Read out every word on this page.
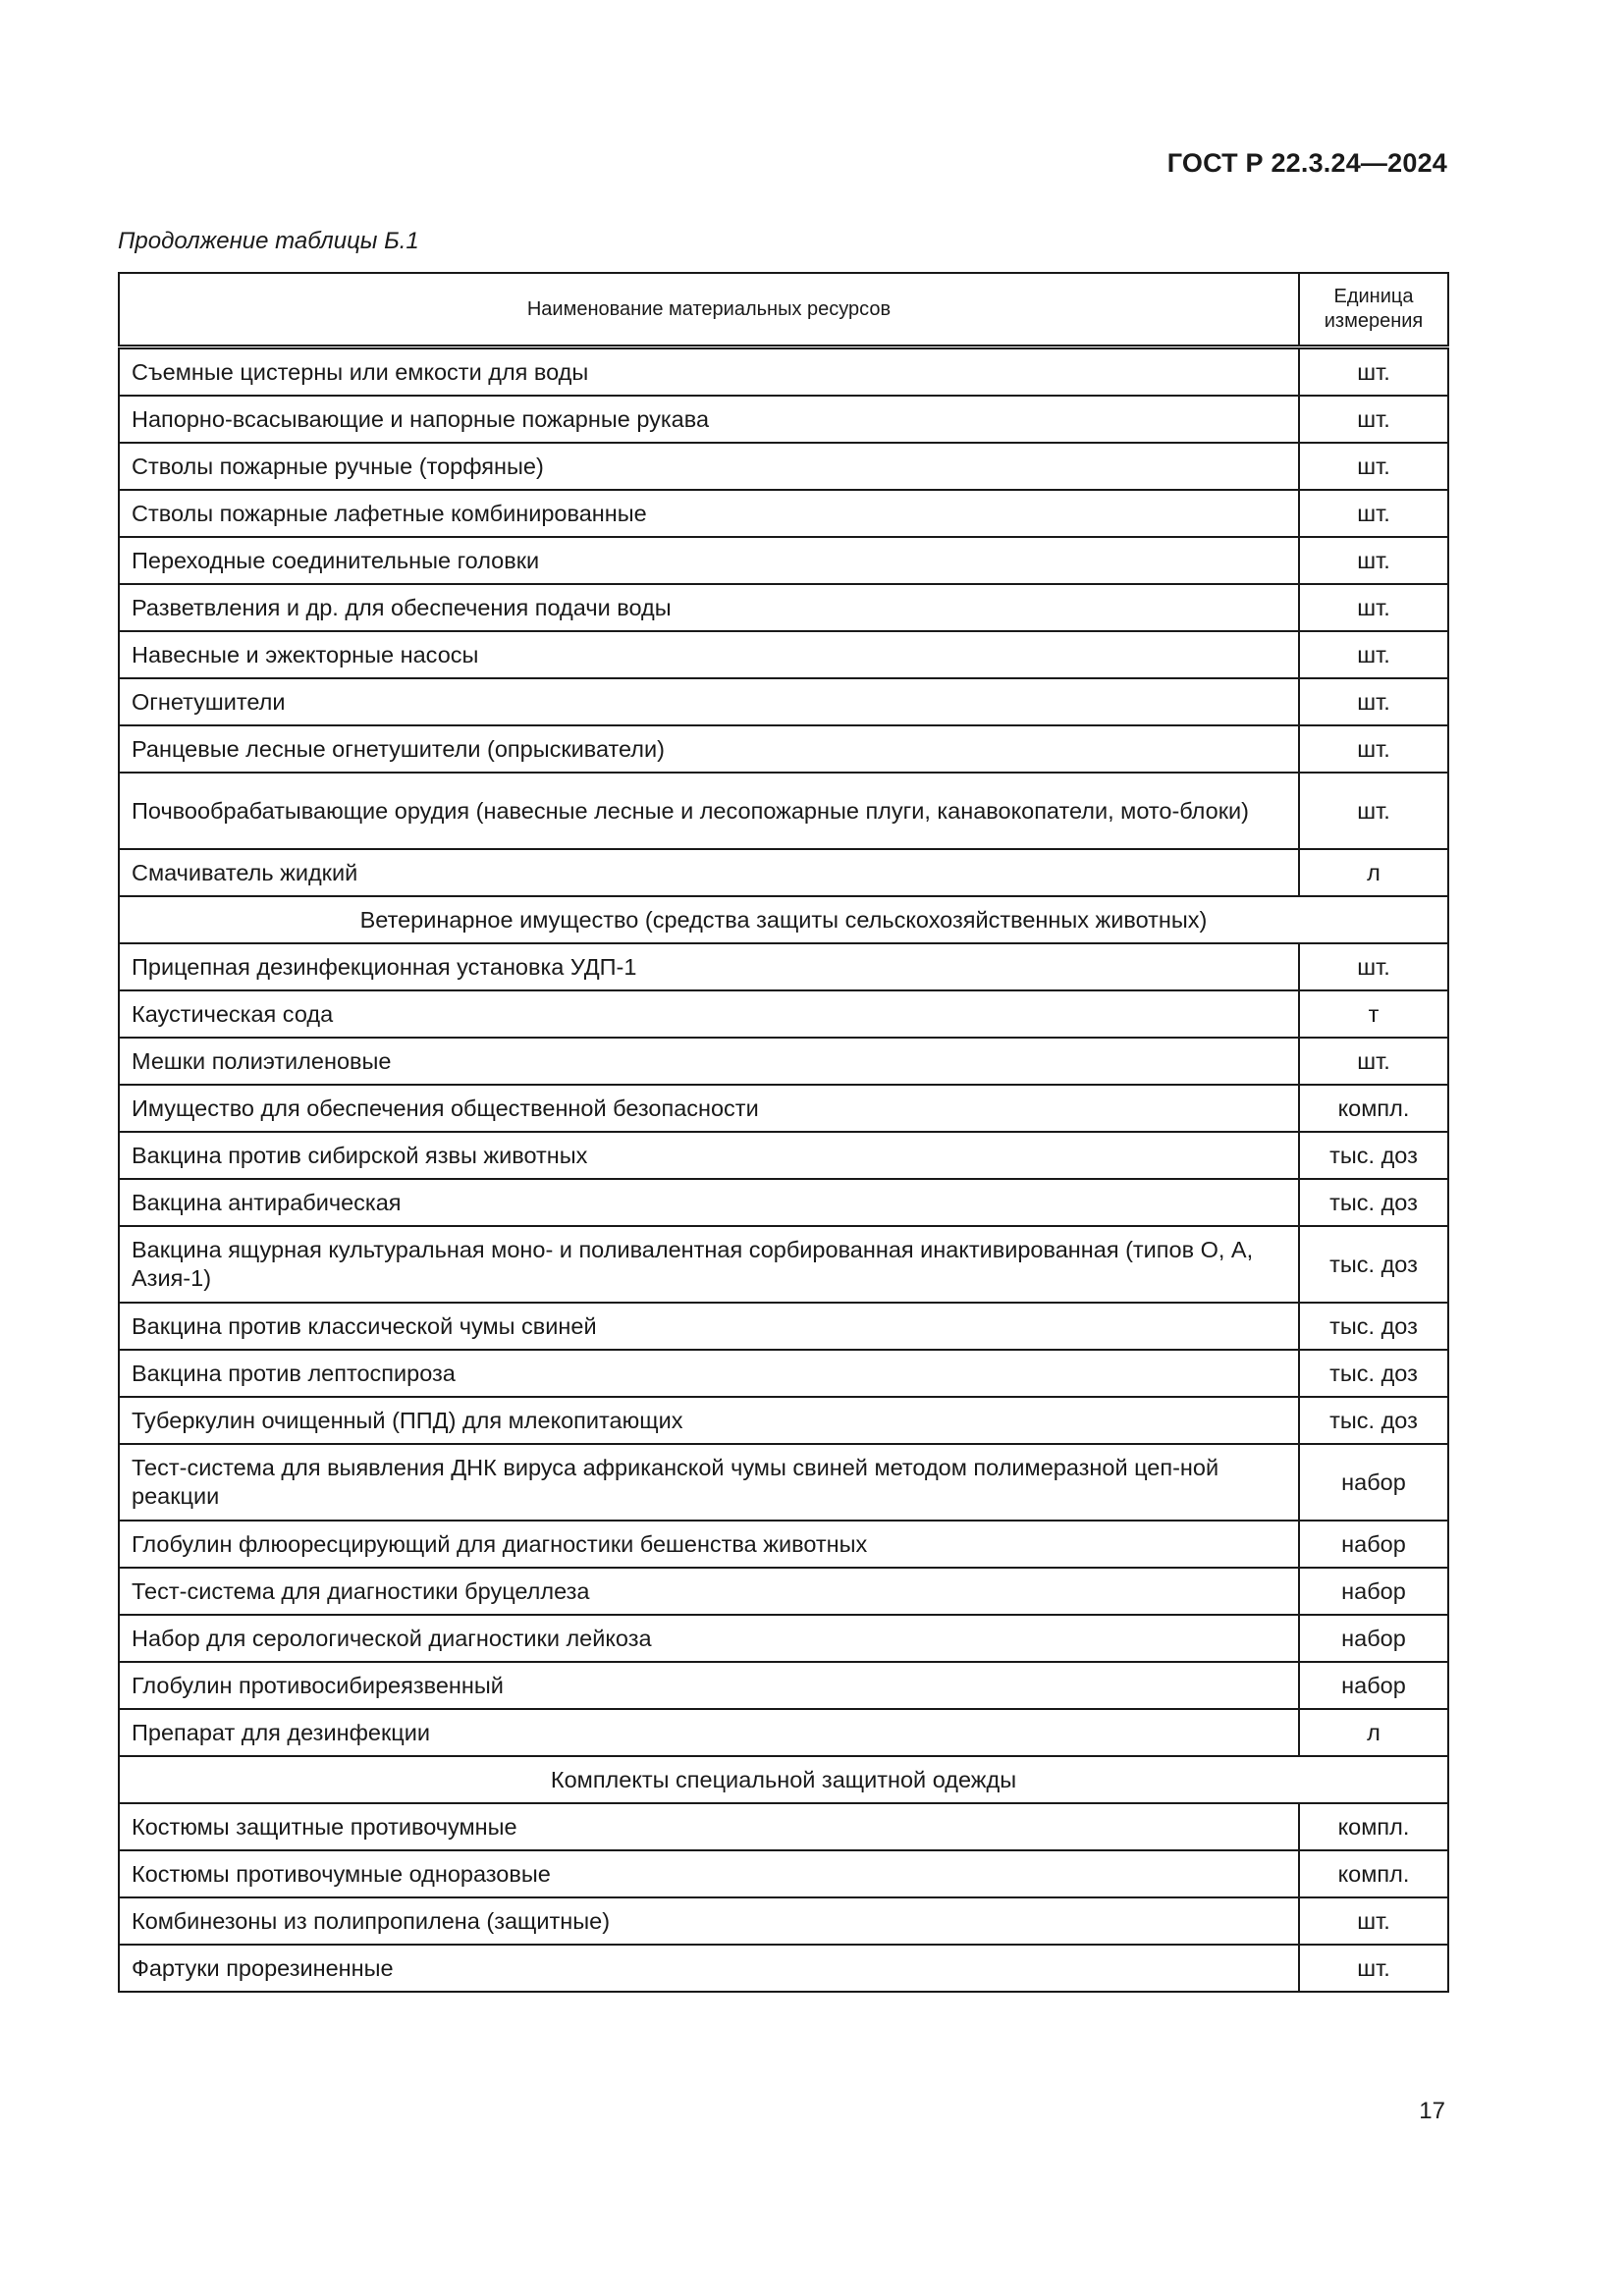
ГОСТ Р 22.3.24—2024
Продолжение таблицы Б.1
Наименование материальных ресурсов	Единица измерения
Съемные цистерны или емкости для воды	шт.
Напорно-всасывающие и напорные пожарные рукава	шт.
Стволы пожарные ручные (торфяные)	шт.
Стволы пожарные лафетные комбинированные	шт.
Переходные соединительные головки	шт.
Разветвления и др. для обеспечения подачи воды	шт.
Навесные и эжекторные насосы	шт.
Огнетушители	шт.
Ранцевые лесные огнетушители (опрыскиватели)	шт.
Почвообрабатывающие орудия (навесные лесные и лесопожарные плуги, канавокопатели, мото-блоки)	шт.
Смачиватель жидкий	л
Ветеринарное имущество (средства защиты сельскохозяйственных животных)	
Прицепная дезинфекционная установка УДП-1	шт.
Каустическая сода	т
Мешки полиэтиленовые	шт.
Имущество для обеспечения общественной безопасности	компл.
Вакцина против сибирской язвы животных	тыс. доз
Вакцина антирабическая	тыс. доз
Вакцина ящурная культуральная моно- и поливалентная сорбированная инактивированная (типов О, А, Азия-1)	тыс. доз
Вакцина против классической чумы свиней	тыс. доз
Вакцина против лептоспироза	тыс. доз
Туберкулин очищенный (ППД) для млекопитающих	тыс. доз
Тест-система для выявления ДНК вируса африканской чумы свиней методом полимеразной цеп-ной реакции	набор
Глобулин флюоресцирующий для диагностики бешенства животных	набор
Тест-система для диагностики бруцеллеза	набор
Набор для серологической диагностики лейкоза	набор
Глобулин противосибиреязвенный	набор
Препарат для дезинфекции	л
Комплекты специальной защитной одежды	
Костюмы защитные противочумные	компл.
Костюмы противочумные одноразовые	компл.
Комбинезоны из полипропилена (защитные)	шт.
Фартуки прорезиненные	шт.
17
